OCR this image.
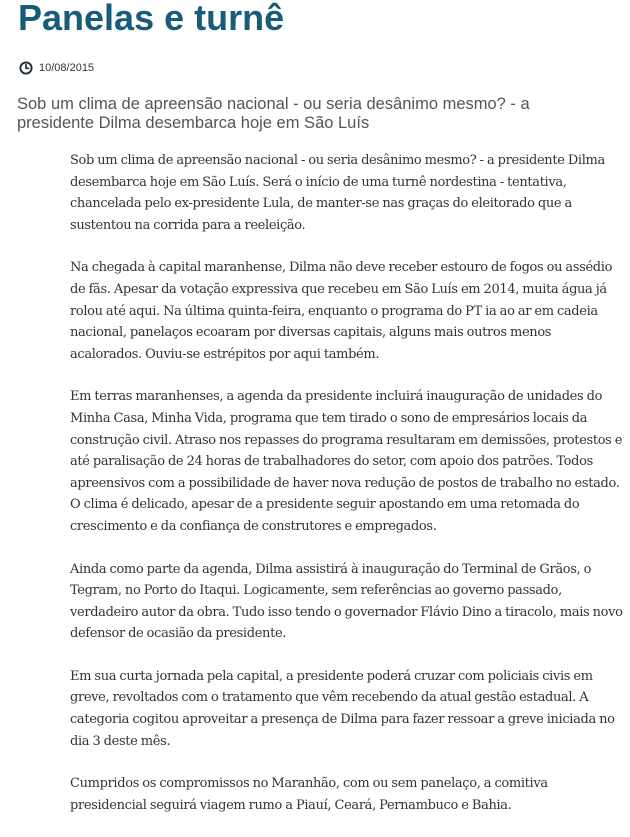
Panelas e turnê
10/08/2015

Sob um clima de apreensão nacional - ou seria desânimo mesmo? - a presidente Dilma desembarca hoje em São Luís

Sob um clima de apreensão nacional - ou seria desânimo mesmo? - a presidente Dilma desembarca hoje em São Luís. Será o início de uma turnê nordestina - tentativa, chancelada pelo ex-presidente Lula, de manter-se nas graças do eleitorado que a sustentou na corrida para a reeleição.

Na chegada à capital maranhense, Dilma não deve receber estouro de fogos ou assédio de fãs. Apesar da votação expressiva que recebeu em São Luís em 2014, muita água já rolou até aqui. Na última quinta-feira, enquanto o programa do PT ia ao ar em cadeia nacional, panelaços ecoaram por diversas capitais, alguns mais outros menos acalorados. Ouviu-se estrépitos por aqui também.

Em terras maranhenses, a agenda da presidente incluirá inauguração de unidades do Minha Casa, Minha Vida, programa que tem tirado o sono de empresários locais da construção civil. Atraso nos repasses do programa resultaram em demissões, protestos e até paralisação de 24 horas de trabalhadores do setor, com apoio dos patrões. Todos apreensivos com a possibilidade de haver nova redução de postos de trabalho no estado. O clima é delicado, apesar de a presidente seguir apostando em uma retomada do crescimento e da confiança de construtores e empregados.

Ainda como parte da agenda, Dilma assistirá à inauguração do Terminal de Grãos, o Tegram, no Porto do Itaqui. Logicamente, sem referências ao governo passado, verdadeiro autor da obra. Tudo isso tendo o governador Flávio Dino a tiracolo, mais novo defensor de ocasião da presidente.

Em sua curta jornada pela capital, a presidente poderá cruzar com policiais civis em greve, revoltados com o tratamento que vêm recebendo da atual gestão estadual. A categoria cogitou aproveitar a presença de Dilma para fazer ressoar a greve iniciada no dia 3 deste mês.

Cumpridos os compromissos no Maranhão, com ou sem panelaço, a comitiva presidencial seguirá viagem rumo a Piauí, Ceará, Pernambuco e Bahia.
